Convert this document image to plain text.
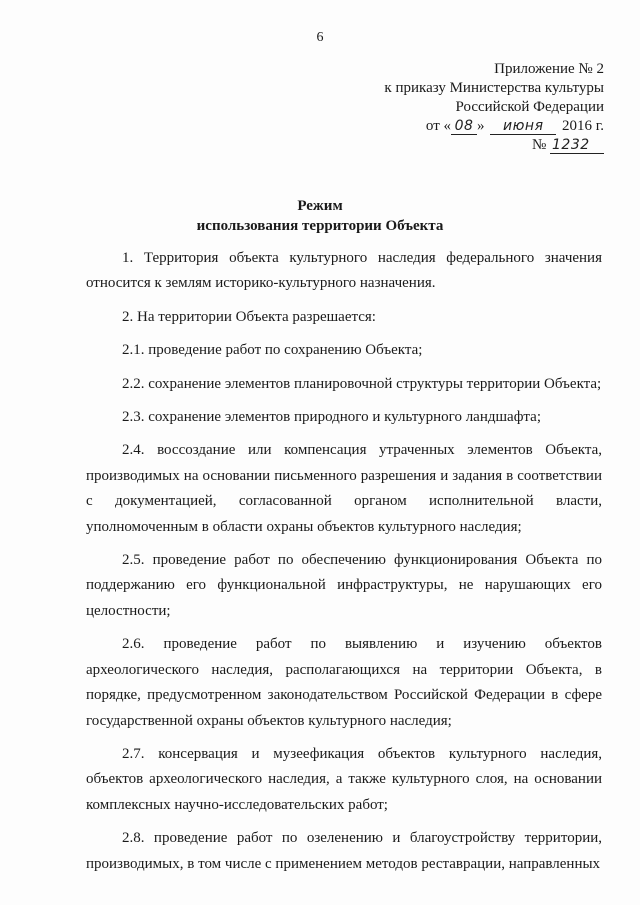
6
Приложение № 2
к приказу Министерства культуры
Российской Федерации
от « 08 » июня 2016 г.
№ 1232
Режим
использования территории Объекта

1. Территория объекта культурного наследия федерального значения относится к землям историко-культурного назначения.

2. На территории Объекта разрешается:

2.1. проведение работ по сохранению Объекта;

2.2. сохранение элементов планировочной структуры территории Объекта;

2.3. сохранение элементов природного и культурного ландшафта;

2.4. воссоздание или компенсация утраченных элементов Объекта, производимых на основании письменного разрешения и задания в соответствии с документацией, согласованной органом исполнительной власти, уполномоченным в области охраны объектов культурного наследия;

2.5. проведение работ по обеспечению функционирования Объекта по поддержанию его функциональной инфраструктуры, не нарушающих его целостности;

2.6. проведение работ по выявлению и изучению объектов археологического наследия, располагающихся на территории Объекта, в порядке, предусмотренном законодательством Российской Федерации в сфере государственной охраны объектов культурного наследия;

2.7. консервация и музеефикация объектов культурного наследия, объектов археологического наследия, а также культурного слоя, на основании комплексных научно-исследовательских работ;

2.8. проведение работ по озеленению и благоустройству территории, производимых, в том числе с применением методов реставрации, направленных
